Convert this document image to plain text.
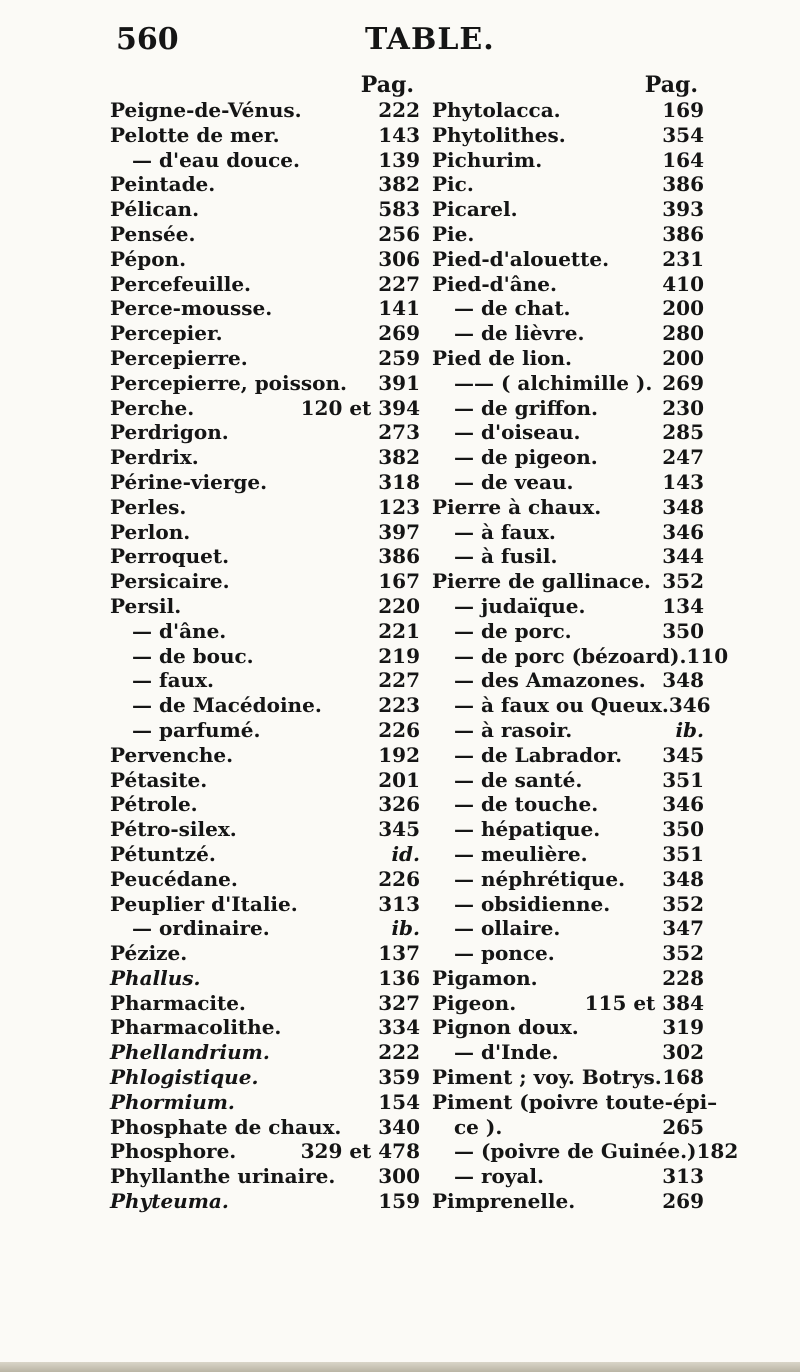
560	TABLE.
Pag.
Peigne-de-Vénus.	222
Pelotte de mer.	143
— d'eau douce.	139
Peintade.	382
Pélican.	583
Pensée.	256
Pépon.	306
Percefeuille.	227
Perce-mousse.	141
Percepier.	269
Percepierre.	259
Percepierre, poisson. 391
Perche.	120 et 394
Perdrigon.	273
Perdrix.	382
Périne-vierge.	318
Perles.	123
Perlon.	397
Perroquet.	386
Persicaire.	167
Persil.	220
— d'âne.	221
— de bouc.	219
— faux.	227
— de Macédoine.	223
— parfumé.	226
Pervenche.	192
Pétasite.	201
Pétrole.	326
Pétro-silex.	345
Pétuntzé.	id.
Peucédane.	226
Peuplier d'Italie.	313
— ordinaire.	ib.
Pézize.	137
Phallus.	136
Pharmacite.	327
Pharmacolithe.	334
Phellandrium.	222
Phlogistique.	359
Phormium.	154
Phosphate de chaux. 340
Phosphore.	329 et 478
Phyllanthe urinaire. 300
Phyteuma.	159
Pag.
Phytolacca.	169
Phytolithes.	354
Pichurim.	164
Pic.	386
Picarel.	393
Pie.	386
Pied-d'alouette.	231
Pied-d'âne.	410
— de chat.	200
— de lièvre.	280
Pied de lion.	200
—— ( alchimille ). 269
— de griffon.	230
— d'oiseau.	285
— de pigeon.	247
— de veau.	143
Pierre à chaux.	348
— à faux.	346
— à fusil.	344
Pierre de gallinace. 352
— judaïque.	134
— de porc.	350
— de porc (bézoard). 110
— des Amazones. 348
— à faux ou Queux. 346
— à rasoir.	ib.
— de Labrador. 345
— de santé.	351
— de touche.	346
— hépatique.	350
— meulière.	351
— néphrétique. 348
— obsidienne.	352
— ollaire.	347
— ponce.	352
Pigamon.	228
Pigeon.	115 et 384
Pignon doux.	319
— d'Inde.	302
Piment ; voy. Botrys. 168
Piment (poivre toute-épi–
ce ).	265
— (poivre de Guinée.) 182
— royal.	313
Pimprenelle.	269
